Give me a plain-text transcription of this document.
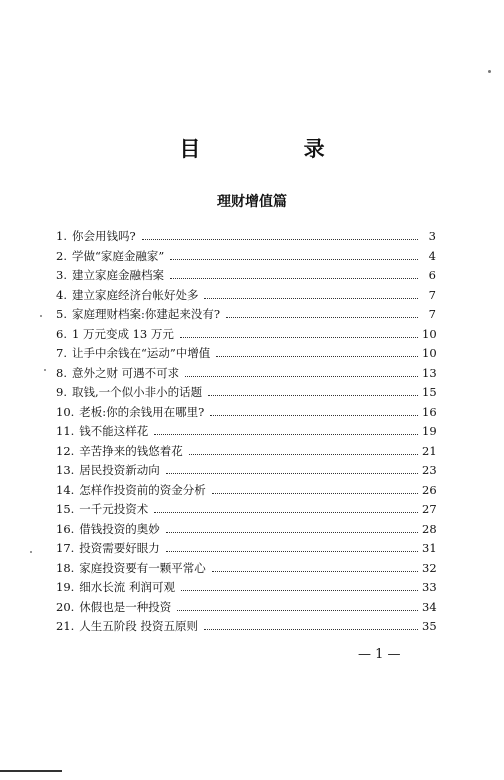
目 录
理财增值篇
1. 你会用钱吗?	3
2. 学做“家庭金融家”	4
3. 建立家庭金融档案	6
4. 建立家庭经济台帐好处多	7
5. 家庭理财档案:你建起来没有?	7
6. 1 万元变成 13 万元	10
7. 让手中余钱在“运动”中增值	10
8. 意外之财 可遇不可求	13
9. 取钱,一个似小非小的话题	15
10. 老板:你的余钱用在哪里?	16
11. 钱不能这样花	19
12. 辛苦挣来的钱悠着花	21
13. 居民投资新动向	23
14. 怎样作投资前的资金分析	26
15. 一千元投资术	27
16. 借钱投资的奥妙	28
17. 投资需要好眼力	31
18. 家庭投资要有一颗平常心	32
19. 细水长流 利润可观	33
20. 休假也是一种投资	34
21. 人生五阶段 投资五原则	35
— 1 —
